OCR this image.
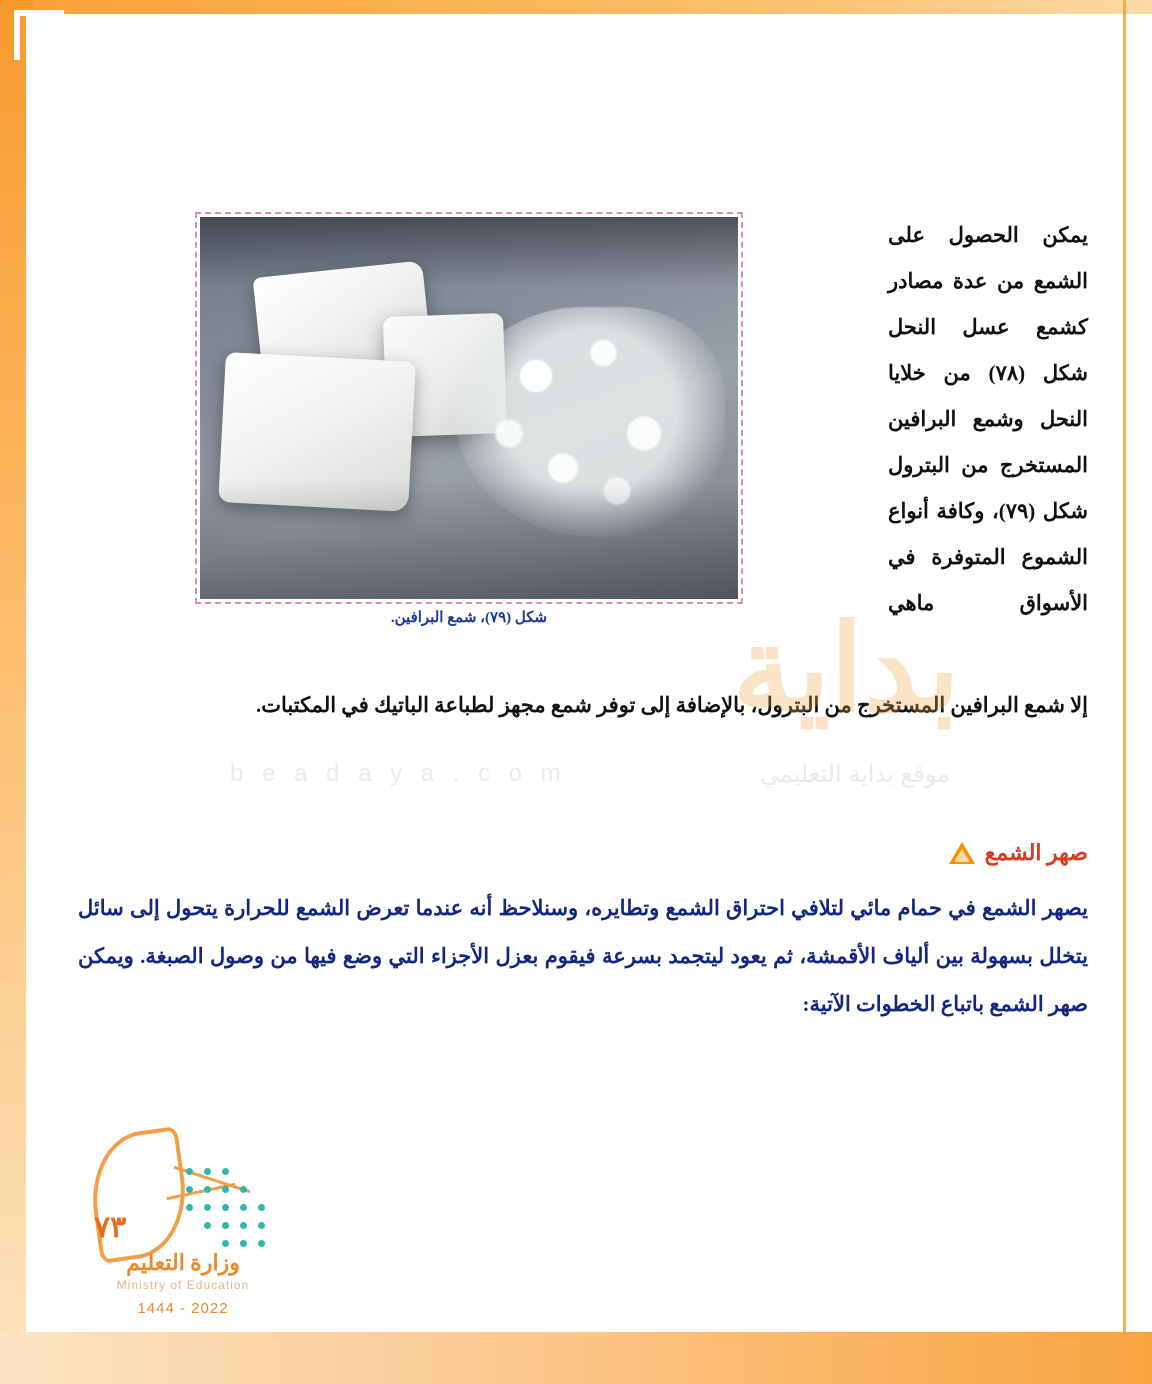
شكل (٧٩)، شمع البرافين.
يمكن الحصول على الشمع من عدة مصادر كشمع عسل النحل شكل (٧٨) من خلايا النحل وشمع البرافين المستخرج من البترول شكل (٧٩)، وكافة أنواع الشموع المتوفرة في الأسواق ماهي
إلا شمع البرافين المستخرج من البترول، بالإضافة إلى توفر شمع مجهز لطباعة الباتيك في المكتبات.
صهر الشمع
يصهر الشمع في حمام مائي لتلافي احتراق الشمع وتطايره، وسنلاحظ أنه عندما تعرض الشمع للحرارة يتحول إلى سائل يتخلل بسهولة بين ألياف الأقمشة، ثم يعود ليتجمد بسرعة فيقوم بعزل الأجزاء التي وضع فيها من وصول الصبغة. ويمكن صهر الشمع باتباع الخطوات الآتية:
بداية
b e a d a y a . c o m	موقع بداية التعليمي
٧٣
وزارة التعليم
Ministry of Education
2022 - 1444
